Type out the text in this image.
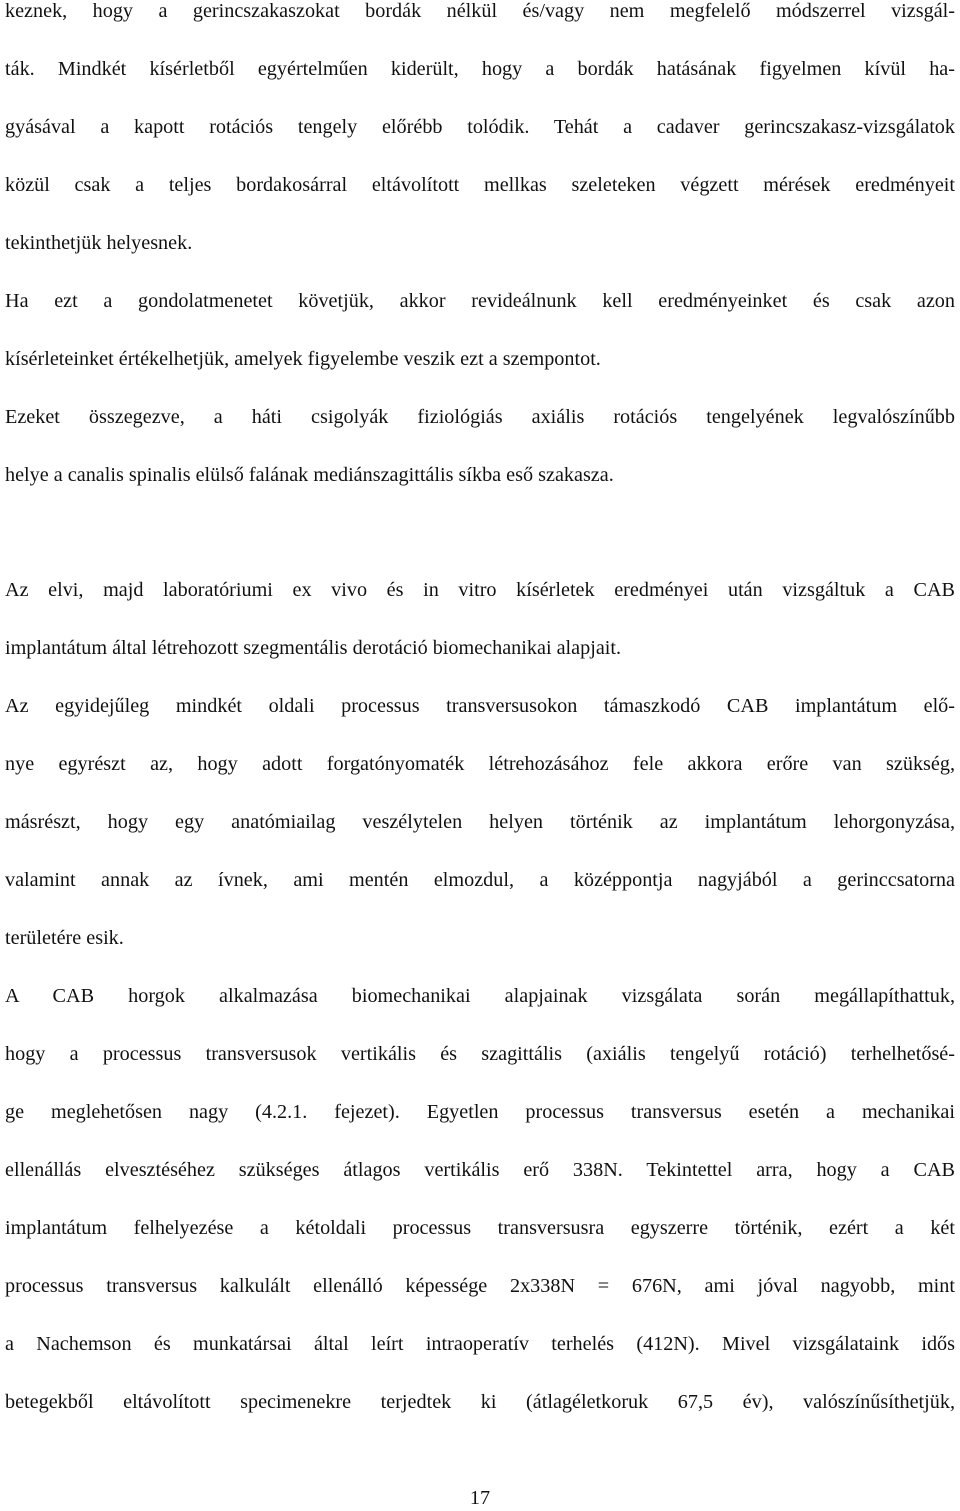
keznek, hogy a gerincszakaszokat bordák nélkül és/vagy nem megfelelő módszerrel vizsgál-
ták. Mindkét kísérletből egyértelműen kiderült, hogy a bordák hatásának figyelmen kívül ha-
gyásával a kapott rotációs tengely előrébb tolódik. Tehát a cadaver gerincszakasz-vizsgálatok
közül csak a teljes bordakosárral eltávolított mellkas szeleteken végzett mérések eredményeit
tekinthetjük helyesnek.
Ha ezt a gondolatmenetet követjük, akkor revideálnunk kell eredményeinket és csak azon
kísérleteinket értékelhetjük, amelyek figyelembe veszik ezt a szempontot.
Ezeket összegezve, a háti csigolyák fiziológiás axiális rotációs tengelyének legvalószínűbb
helye a canalis spinalis elülső falának mediánszagittális síkba eső szakasza.
Az elvi, majd laboratóriumi ex vivo és in vitro kísérletek eredményei után vizsgáltuk a CAB
implantátum által létrehozott szegmentális derotáció biomechanikai alapjait.
Az egyidejűleg mindkét oldali processus transversusokon támaszkodó CAB implantátum elő-
nye egyrészt az, hogy adott forgatónyomaték létrehozásához fele akkora erőre van szükség,
másrészt, hogy egy anatómiailag veszélytelen helyen történik az implantátum lehorgonyzása,
valamint annak az ívnek, ami mentén elmozdul, a középpontja nagyjából a gerinccsatorna
területére esik.
A CAB horgok alkalmazása biomechanikai alapjainak vizsgálata során megállapíthattuk,
hogy a processus transversusok vertikális és szagittális (axiális tengelyű rotáció) terhelhetősé-
ge meglehetősen nagy (4.2.1. fejezet). Egyetlen processus transversus esetén a mechanikai
ellenállás elvesztéséhez szükséges átlagos vertikális erő 338N. Tekintettel arra, hogy a CAB
implantátum felhelyezése a kétoldali processus transversusra egyszerre történik, ezért a két
processus transversus kalkulált ellenálló képessége 2x338N = 676N, ami jóval nagyobb, mint
a Nachemson és munkatársai által leírt intraoperatív terhelés (412N). Mivel vizsgálataink idős
betegekből eltávolított specimenekre terjedtek ki (átlagéletkoruk 67,5 év), valószínűsíthetjük,
17
